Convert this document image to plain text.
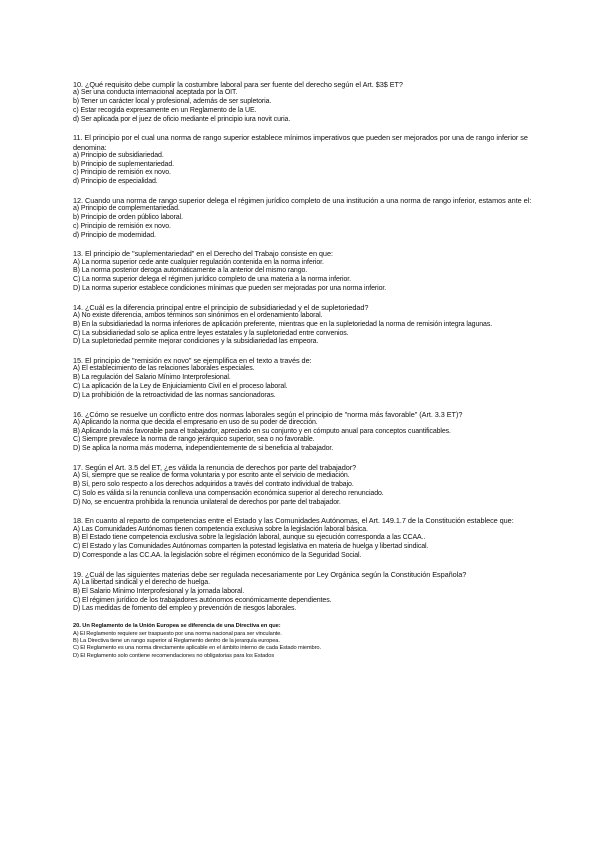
10. ¿Qué requisito debe cumplir la costumbre laboral para ser fuente del derecho según el Art. $3$ ET?
a) Ser una conducta internacional aceptada por la OIT.
b) Tener un carácter local y profesional, además de ser supletoria.
c) Estar recogida expresamente en un Reglamento de la UE.
d) Ser aplicada por el juez de oficio mediante el principio iura novit curia.
11. El principio por el cual una norma de rango superior establece mínimos imperativos que pueden ser mejorados por una de rango inferior se denomina:
a) Principio de subsidiariedad.
b) Principio de suplementariedad.
c) Principio de remisión ex novo.
d) Principio de especialidad.
12. Cuando una norma de rango superior delega el régimen jurídico completo de una institución a una norma de rango inferior, estamos ante el:
a) Principio de complementariedad.
b) Principio de orden público laboral.
c) Principio de remisión ex novo.
d) Principio de modernidad.
13. El principio de "suplementariedad" en el Derecho del Trabajo consiste en que:
A) La norma superior cede ante cualquier regulación contenida en la norma inferior.
B) La norma posterior deroga automáticamente a la anterior del mismo rango.
C) La norma superior delega el régimen jurídico completo de una materia a la norma inferior.
D) La norma superior establece condiciones mínimas que pueden ser mejoradas por una norma inferior.
14. ¿Cuál es la diferencia principal entre el principio de subsidiariedad y el de supletoriedad?
A) No existe diferencia, ambos términos son sinónimos en el ordenamiento laboral.
B) En la subsidiariedad la norma inferiores de aplicación preferente, mientras que en la supletoriedad la norma de remisión integra lagunas.
C) La subsidiariedad solo se aplica entre leyes estatales y la supletoriedad entre convenios.
D) La supletoriedad permite mejorar condiciones y la subsidiariedad las empeora.
15. El principio de "remisión ex novo" se ejemplifica en el texto a través de:
A) El establecimiento de las relaciones laborales especiales.
B) La regulación del Salario Mínimo Interprofesional.
C) La aplicación de la Ley de Enjuiciamiento Civil en el proceso laboral.
D) La prohibición de la retroactividad de las normas sancionadoras.
16. ¿Cómo se resuelve un conflicto entre dos normas laborales según el principio de "norma más favorable" (Art. 3.3 ET)?
A) Aplicando la norma que decida el empresario en uso de su poder de dirección.
B) Aplicando la más favorable para el trabajador, apreciado en su conjunto y en cómputo anual para conceptos cuantificables.
C) Siempre prevalece la norma de rango jerárquico superior, sea o no favorable.
D) Se aplica la norma más moderna, independientemente de si beneficia al trabajador.
17. Según el Art. 3.5 del ET, ¿es válida la renuncia de derechos por parte del trabajador?
A) Sí, siempre que se realice de forma voluntaria y por escrito ante el servicio de mediación.
B) Sí, pero solo respecto a los derechos adquiridos a través del contrato individual de trabajo.
C) Solo es válida si la renuncia conlleva una compensación económica superior al derecho renunciado.
D) No, se encuentra prohibida la renuncia unilateral de derechos por parte del trabajador.
18. En cuanto al reparto de competencias entre el Estado y las Comunidades Autónomas, el Art. 149.1.7 de la Constitución establece que:
A) Las Comunidades Autónomas tienen competencia exclusiva sobre la legislación laboral básica.
B) El Estado tiene competencia exclusiva sobre la legislación laboral, aunque su ejecución corresponda a las CCAA..
C) El Estado y las Comunidades Autónomas comparten la potestad legislativa en materia de huelga y libertad sindical.
D) Corresponde a las CC.AA. la legislación sobre el régimen económico de la Seguridad Social.
19. ¿Cuál de las siguientes materias debe ser regulada necesariamente por Ley Orgánica según la Constitución Española?
A) La libertad sindical y el derecho de huelga.
B) El Salario Mínimo Interprofesional y la jornada laboral.
C) El régimen jurídico de los trabajadores autónomos económicamente dependientes.
D) Las medidas de fomento del empleo y prevención de riesgos laborales.
20. Un Reglamento de la Unión Europea se diferencia de una Directiva en que:
A) El Reglamento requiere ser traspuesto por una norma nacional para ser vinculante.
B) La Directiva tiene un rango superior al Reglamento dentro de la jerarquía europea.
C) El Reglamento es una norma directamente aplicable en el ámbito interno de cada Estado miembro.
D) El Reglamento solo contiene recomendaciones no obligatorias para los Estados
